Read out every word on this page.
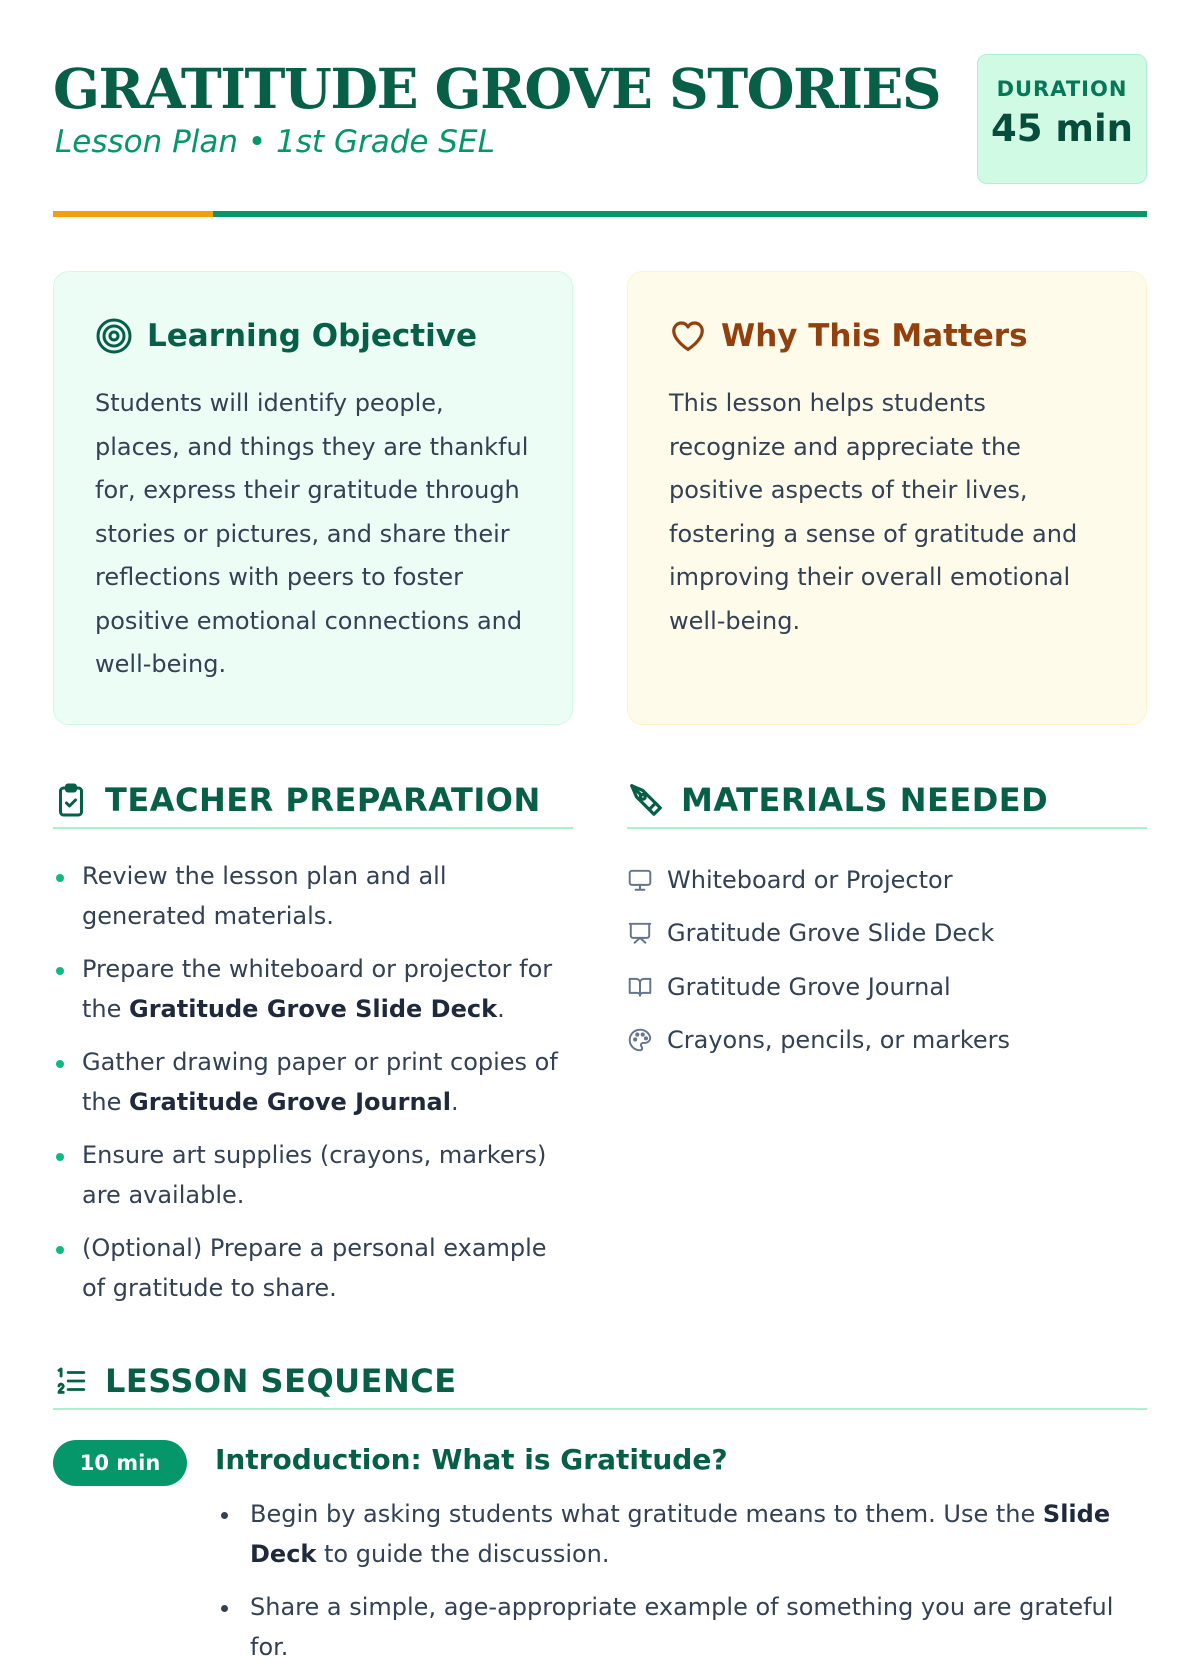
GRATITUDE GROVE STORIES
Lesson Plan • 1st Grade SEL
DURATION
45 min
Learning Objective

Students will identify people, places, and things they are thankful for, express their gratitude through stories or pictures, and share their reflections with peers to foster positive emotional connections and well-being.

Why This Matters

This lesson helps students recognize and appreciate the positive aspects of their lives, fostering a sense of gratitude and improving their overall emotional well-being.

TEACHER PREPARATION
Review the lesson plan and all generated materials.
Prepare the whiteboard or projector for the Gratitude Grove Slide Deck.
Gather drawing paper or print copies of the Gratitude Grove Journal.
Ensure art supplies (crayons, markers) are available.
(Optional) Prepare a personal example of gratitude to share.
MATERIALS NEEDED
Whiteboard or Projector
Gratitude Grove Slide Deck
Gratitude Grove Journal
Crayons, pencils, or markers
LESSON SEQUENCE
10 min	Introduction: What is Gratitude?
Begin by asking students what gratitude means to them. Use the Slide Deck to guide the discussion.
Share a simple, age-appropriate example of something you are grateful for.
